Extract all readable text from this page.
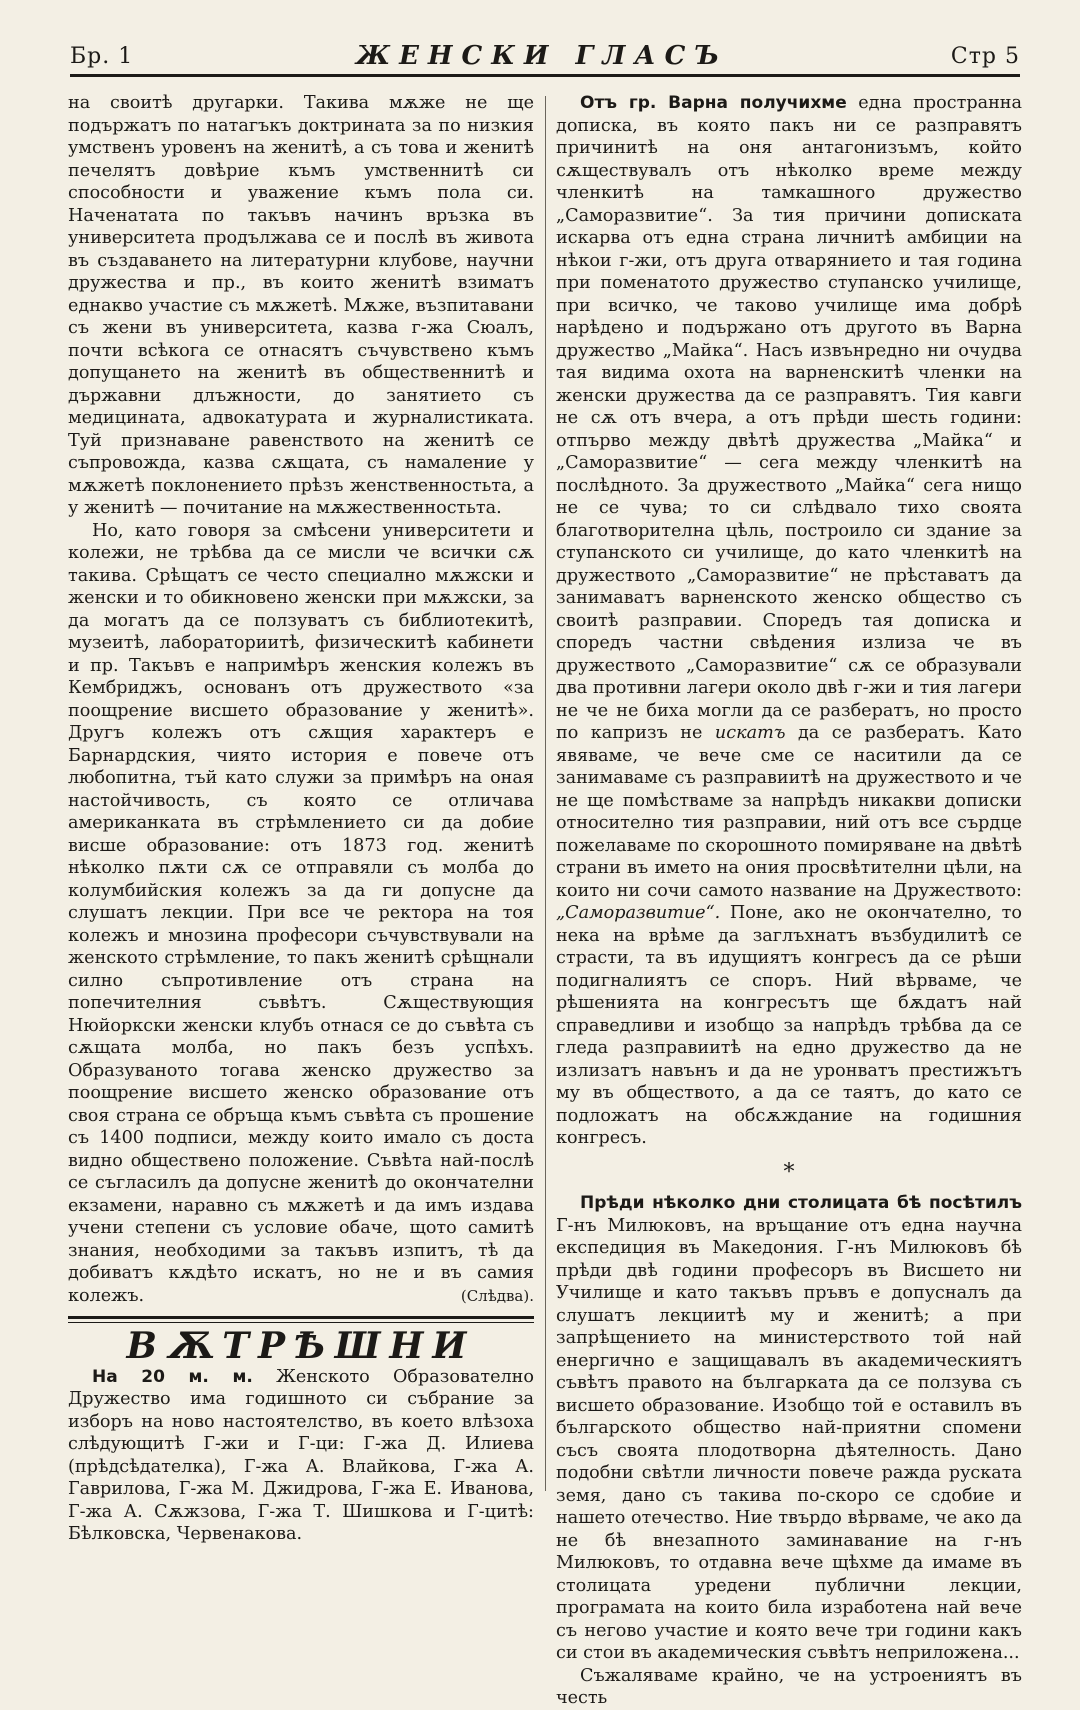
Бр. 1	ЖЕНСКИ ГЛАСЪ	Стр 5

на своитѣ другарки. Такива мѫже не ще подържатъ по натагъкъ доктрината за по низкия умственъ уровенъ на женитѣ, а съ това и женитѣ печелятъ довѣрие къмъ умственнитѣ си способности и уважение къмъ пола си. Наченатата по такъвъ начинъ връзка въ университета продължава се и послѣ въ живота въ създаването на литературни клубове, научни дружества и пр., въ които женитѣ взиматъ еднакво участие съ мѫжетѣ. Мѫже, възпитавани съ жени въ университета, казва г-жа Сюалъ, почти всѣкога се отнасятъ съчувствено къмъ допущането на женитѣ въ общественнитѣ и държавни длъжности, до занятието съ медицината, адвокатурата и журналистиката. Туй признаване равенството на женитѣ се съпровожда, казва сѫщата, съ намаление у мѫжетѣ поклонението прѣзъ женственностьта, а у женитѣ — почитание на мѫжественностьта.

Но, като говоря за смѣсени университети и колежи, не трѣбва да се мисли че всички сѫ такива. Срѣщатъ се често специално мѫжски и женски и то обикновено женски при мѫжски, за да могатъ да се ползуватъ съ библиотекитѣ, музеитѣ, лабораториитѣ, физическитѣ кабинети и пр. Такъвъ е напримѣръ женския колежъ въ Кембриджъ, основанъ отъ дружеството «за поощрение висшето образование у женитѣ». Другъ колежъ отъ сѫщия характеръ е Барнардския, чиято история е повече отъ любопитна, тъй като служи за примѣръ на оная настойчивость, съ която се отличава американката въ стрѣмлението си да добие висше образование: отъ 1873 год. женитѣ нѣколко пѫти сѫ се отправяли съ молба до колумбийския колежъ за да ги допусне да слушатъ лекции. При все че ректора на тоя колежъ и мнозина професори съчувствували на женското стрѣмление, то пакъ женитѣ срѣщнали силно съпротивление отъ страна на попечителния съвѣтъ. Сѫществующия Нюйоркски женски клубъ отнася се до съвѣта съ сѫщата молба, но пакъ безъ успѣхъ. Образуваното тогава женско дружество за поощрение висшето женско образование отъ своя страна се обръща къмъ съвѣта съ прошение съ 1400 подписи, между които имало съ доста видно обществено положение. Съвѣта най-послѣ се съгласилъ да допусне женитѣ до окончателни екзамени, наравно съ мѫжетѣ и да имъ издава учени степени съ условие обаче, щото самитѣ знания, необходими за такъвъ изпитъ, тѣ да добиватъ кѫдѣто искатъ, но не и въ самия колежъ.	(Слѣдва).

ВѪТРѢШНИ

На 20 м. м. Женското Образователно Дружество има годишното си събрание за изборъ на ново настоятелство, въ което влѣзоха слѣдующитѣ Г-жи и Г-ци: Г-жа Д. Илиева (прѣдсѣдателка), Г-жа А. Влайкова, Г-жа А. Гаврилова, Г-жа М. Джидрова, Г-жа Е. Иванова, Г-жа А. Сѫжзова, Г-жа Т. Шишкова и Г-цитѣ: Бѣлковска, Червенакова.

Отъ гр. Варна получихме една пространна дописка, въ която пакъ ни се разправятъ причинитѣ на оня антагонизъмъ, който сѫществувалъ отъ нѣколко време между членкитѣ на тамкашного дружество „Саморазвитие“. За тия причини дописката искарва отъ една страна личнитѣ амбиции на нѣкои г-жи, отъ друга отварянието и тая година при поменатото дружество ступанско училище, при всичко, че таково училище има добрѣ нарѣдено и подържано отъ другото въ Варна дружество „Майка“. Насъ извънредно ни очудва тая видима охота на варненскитѣ членки на женски дружества да се разправятъ. Тия кавги не сѫ отъ вчера, а отъ прѣди шесть години: отпърво между двѣтѣ дружества „Майка“ и „Саморазвитие“ — сега между членкитѣ на послѣдното. За дружеството „Майка“ сега нищо не се чува; то си слѣдвало тихо своята благотворителна цѣль, построило си здание за ступанското си училище, до като членкитѣ на дружеството „Саморазвитие“ не прѣставатъ да занимаватъ варненското женско общество съ своитѣ разправии. Споредъ тая дописка и споредъ частни свѣдения излиза че въ дружеството „Саморазвитие“ сѫ се образували два противни лагери около двѣ г-жи и тия лагери не че не биха могли да се разбератъ, но просто по капризъ не искатъ да се разбератъ. Като явяваме, че вече сме се наситили да се занимаваме съ разправиитѣ на дружеството и че не ще помѣстваме за напрѣдъ никакви дописки относително тия разправии, ний отъ все сърдце пожелаваме по скорошното помиряване на двѣтѣ страни въ името на ония просвѣтителни цѣли, на които ни сочи самото название на Дружеството: „Саморазвитие“. Поне, ако не окончателно, то нека на врѣме да заглъхнатъ възбудилитѣ се страсти, та въ идущиятъ конгресъ да се рѣши подигналиятъ се споръ. Ний вѣрваме, че рѣшенията на конгресътъ ще бѫдатъ най справедливи и изобщо за напрѣдъ трѣбва да се гледа разправиитѣ на едно дружество да не излизатъ навънъ и да не уронватъ престижътъ му въ обществото, а да се таятъ, до като се подложатъ на обсѫждание на годишния конгресъ.

*

Прѣди нѣколко дни столицата бѣ посѣтилъ Г-нъ Милюковъ, на връщание отъ една научна експедиция въ Македония. Г-нъ Милюковъ бѣ прѣди двѣ години професоръ въ Висшето ни Училище и като такъвъ пръвъ е допусналъ да слушатъ лекциитѣ му и женитѣ; а при запрѣщението на министерството той най енергично е защищавалъ въ академическиятъ съвѣтъ правото на българката да се ползува съ висшето образование. Изобщо той е оставилъ въ българското общество най-приятни спомени съсъ своята плодотворна дѣятелность. Дано подобни свѣтли личности повече ражда руската земя, дано съ такива по-скоро се сдобие и нашето отечество. Ние твърдо вѣрваме, че ако да не бѣ внезапното заминавание на г-нъ Милюковъ, то отдавна вече щѣхме да имаме въ столицата уредени публични лекции, програмата на които била изработена най вече съ негово участие и която вече три години какъ си стои въ академическия съвѣтъ неприложена...

Съжаляваме крайно, че на устроениятъ въ честь
